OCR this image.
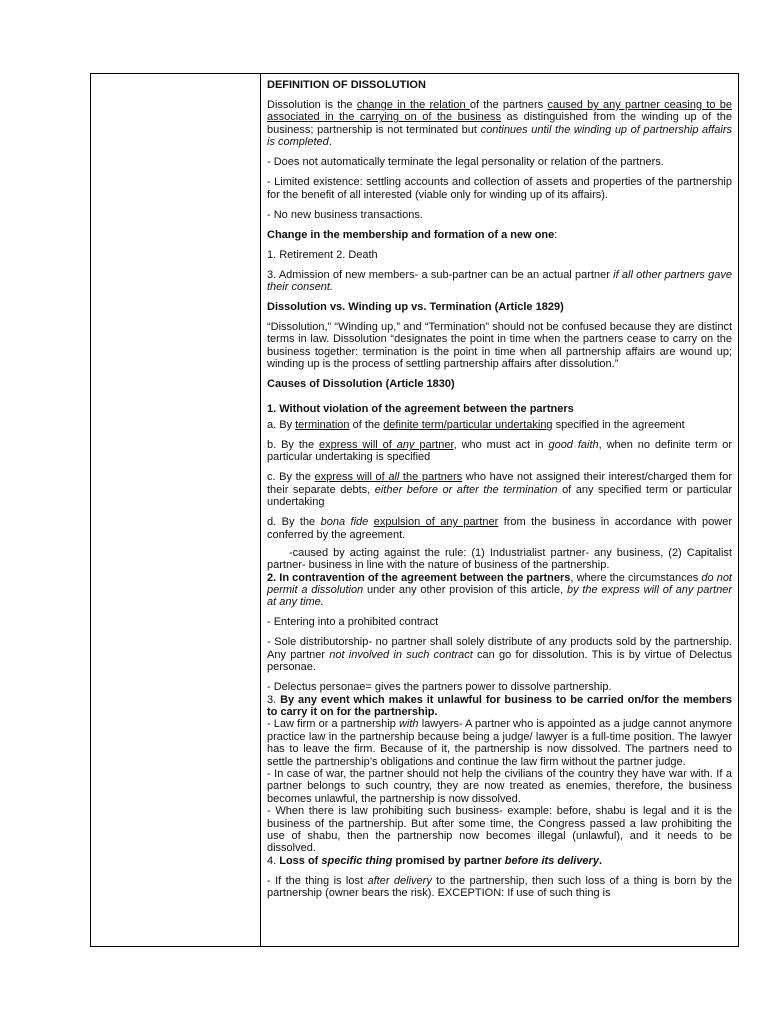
DEFINITION OF DISSOLUTION

Dissolution is the change in the relation of the partners caused by any partner ceasing to be associated in the carrying on of the business as distinguished from the winding up of the business; partnership is not terminated but continues until the winding up of partnership affairs is completed.

- Does not automatically terminate the legal personality or relation of the partners.

- Limited existence: settling accounts and collection of assets and properties of the partnership for the benefit of all interested (viable only for winding up of its affairs).

- No new business transactions.

Change in the membership and formation of a new one:

1. Retirement 2. Death

3. Admission of new members- a sub-partner can be an actual partner if all other partners gave their consent.

Dissolution vs. Winding up vs. Termination (Article 1829)

“Dissolution,” “Winding up,” and “Termination” should not be confused because they are distinct terms in law. Dissolution “designates the point in time when the partners cease to carry on the business together: termination is the point in time when all partnership affairs are wound up; winding up is the process of settling partnership affairs after dissolution.”

Causes of Dissolution (Article 1830)

1. Without violation of the agreement between the partners

a. By termination of the definite term/particular undertaking specified in the agreement

b. By the express will of any partner, who must act in good faith, when no definite term or particular undertaking is specified

c. By the express will of all the partners who have not assigned their interest/charged them for their separate debts, either before or after the termination of any specified term or particular undertaking

d. By the bona fide expulsion of any partner from the business in accordance with power conferred by the agreement.

-caused by acting against the rule: (1) Industrialist partner- any business, (2) Capitalist partner- business in line with the nature of business of the partnership.

2. In contravention of the agreement between the partners, where the circumstances do not permit a dissolution under any other provision of this article, by the express will of any partner at any time.

- Entering into a prohibited contract

- Sole distributorship- no partner shall solely distribute of any products sold by the partnership. Any partner not involved in such contract can go for dissolution. This is by virtue of Delectus personae.

- Delectus personae= gives the partners power to dissolve partnership.

3. By any event which makes it unlawful for business to be carried on/for the members to carry it on for the partnership.

- Law firm or a partnership with lawyers- A partner who is appointed as a judge cannot anymore practice law in the partnership because being a judge/ lawyer is a full-time position. The lawyer has to leave the firm. Because of it, the partnership is now dissolved. The partners need to settle the partnership’s obligations and continue the law firm without the partner judge.

- In case of war, the partner should not help the civilians of the country they have war with. If a partner belongs to such country, they are now treated as enemies, therefore, the business becomes unlawful, the partnership is now dissolved.

- When there is law prohibiting such business- example: before, shabu is legal and it is the business of the partnership. But after some time, the Congress passed a law prohibiting the use of shabu, then the partnership now becomes illegal (unlawful), and it needs to be dissolved.

4. Loss of specific thing promised by partner before its delivery.

- If the thing is lost after delivery to the partnership, then such loss of a thing is born by the partnership (owner bears the risk). EXCEPTION: If use of such thing is
